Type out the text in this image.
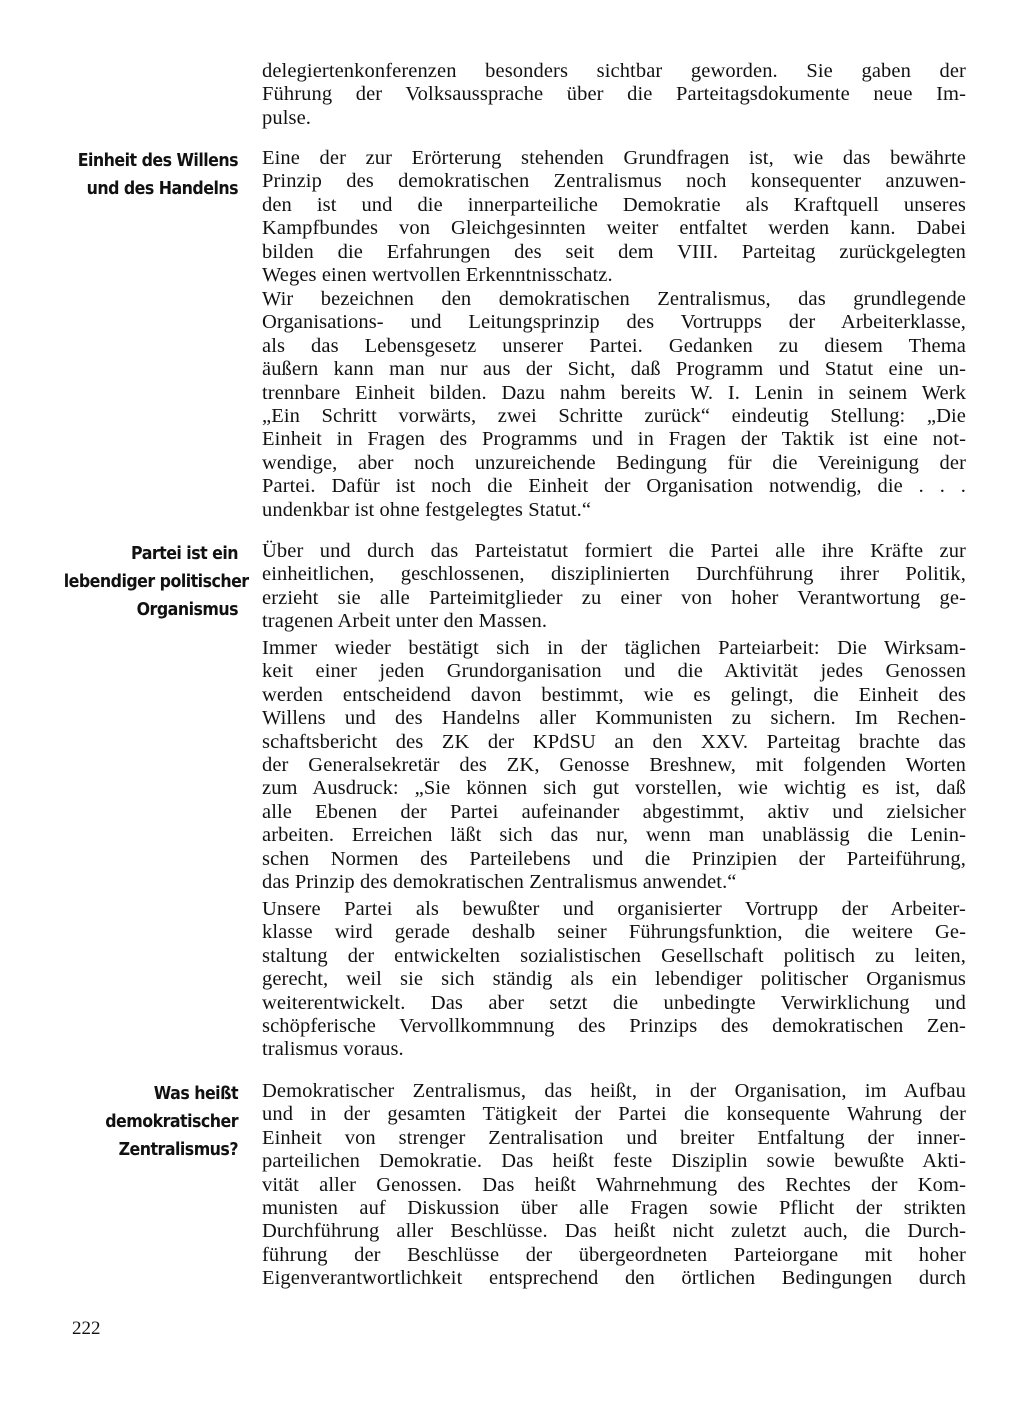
Einheit des Willens
und des Handelns
Partei ist ein
lebendiger politischer
Organismus
Was heißt
demokratischer
Zentralismus?

delegiertenkonferenzen besonders sichtbar geworden. Sie gaben der
Führung der Volksaussprache über die Parteitagsdokumente neue Im-
pulse.

Eine der zur Erörterung stehenden Grundfragen ist, wie das bewährte
Prinzip des demokratischen Zentralismus noch konsequenter anzuwen-
den ist und die innerparteiliche Demokratie als Kraftquell unseres
Kampfbundes von Gleichgesinnten weiter entfaltet werden kann. Dabei
bilden die Erfahrungen des seit dem VIII. Parteitag zurückgelegten
Weges einen wertvollen Erkenntnisschatz.

Wir bezeichnen den demokratischen Zentralismus, das grundlegende
Organisations- und Leitungsprinzip des Vortrupps der Arbeiterklasse,
als das Lebensgesetz unserer Partei. Gedanken zu diesem Thema
äußern kann man nur aus der Sicht, daß Programm und Statut eine un-
trennbare Einheit bilden. Dazu nahm bereits W. I. Lenin in seinem Werk
„Ein Schritt vorwärts, zwei Schritte zurück“ eindeutig Stellung: „Die
Einheit in Fragen des Programms und in Fragen der Taktik ist eine not-
wendige, aber noch unzureichende Bedingung für die Vereinigung der
Partei. Dafür ist noch die Einheit der Organisation notwendig, die . . .
undenkbar ist ohne festgelegtes Statut.“

Über und durch das Parteistatut formiert die Partei alle ihre Kräfte zur
einheitlichen, geschlossenen, disziplinierten Durchführung ihrer Politik,
erzieht sie alle Parteimitglieder zu einer von hoher Verantwortung ge-
tragenen Arbeit unter den Massen.

Immer wieder bestätigt sich in der täglichen Parteiarbeit: Die Wirksam-
keit einer jeden Grundorganisation und die Aktivität jedes Genossen
werden entscheidend davon bestimmt, wie es gelingt, die Einheit des
Willens und des Handelns aller Kommunisten zu sichern. Im Rechen-
schaftsbericht des ZK der KPdSU an den XXV. Parteitag brachte das
der Generalsekretär des ZK, Genosse Breshnew, mit folgenden Worten
zum Ausdruck: „Sie können sich gut vorstellen, wie wichtig es ist, daß
alle Ebenen der Partei aufeinander abgestimmt, aktiv und zielsicher
arbeiten. Erreichen läßt sich das nur, wenn man unablässig die Lenin-
schen Normen des Parteilebens und die Prinzipien der Parteiführung,
das Prinzip des demokratischen Zentralismus anwendet.“

Unsere Partei als bewußter und organisierter Vortrupp der Arbeiter-
klasse wird gerade deshalb seiner Führungsfunktion, die weitere Ge-
staltung der entwickelten sozialistischen Gesellschaft politisch zu leiten,
gerecht, weil sie sich ständig als ein lebendiger politischer Organismus
weiterentwickelt. Das aber setzt die unbedingte Verwirklichung und
schöpferische Vervollkommnung des Prinzips des demokratischen Zen-
tralismus voraus.

Demokratischer Zentralismus, das heißt, in der Organisation, im Aufbau
und in der gesamten Tätigkeit der Partei die konsequente Wahrung der
Einheit von strenger Zentralisation und breiter Entfaltung der inner-
parteilichen Demokratie. Das heißt feste Disziplin sowie bewußte Akti-
vität aller Genossen. Das heißt Wahrnehmung des Rechtes der Kom-
munisten auf Diskussion über alle Fragen sowie Pflicht der strikten
Durchführung aller Beschlüsse. Das heißt nicht zuletzt auch, die Durch-
führung der Beschlüsse der übergeordneten Parteiorgane mit hoher
Eigenverantwortlichkeit entsprechend den örtlichen Bedingungen durch

222
